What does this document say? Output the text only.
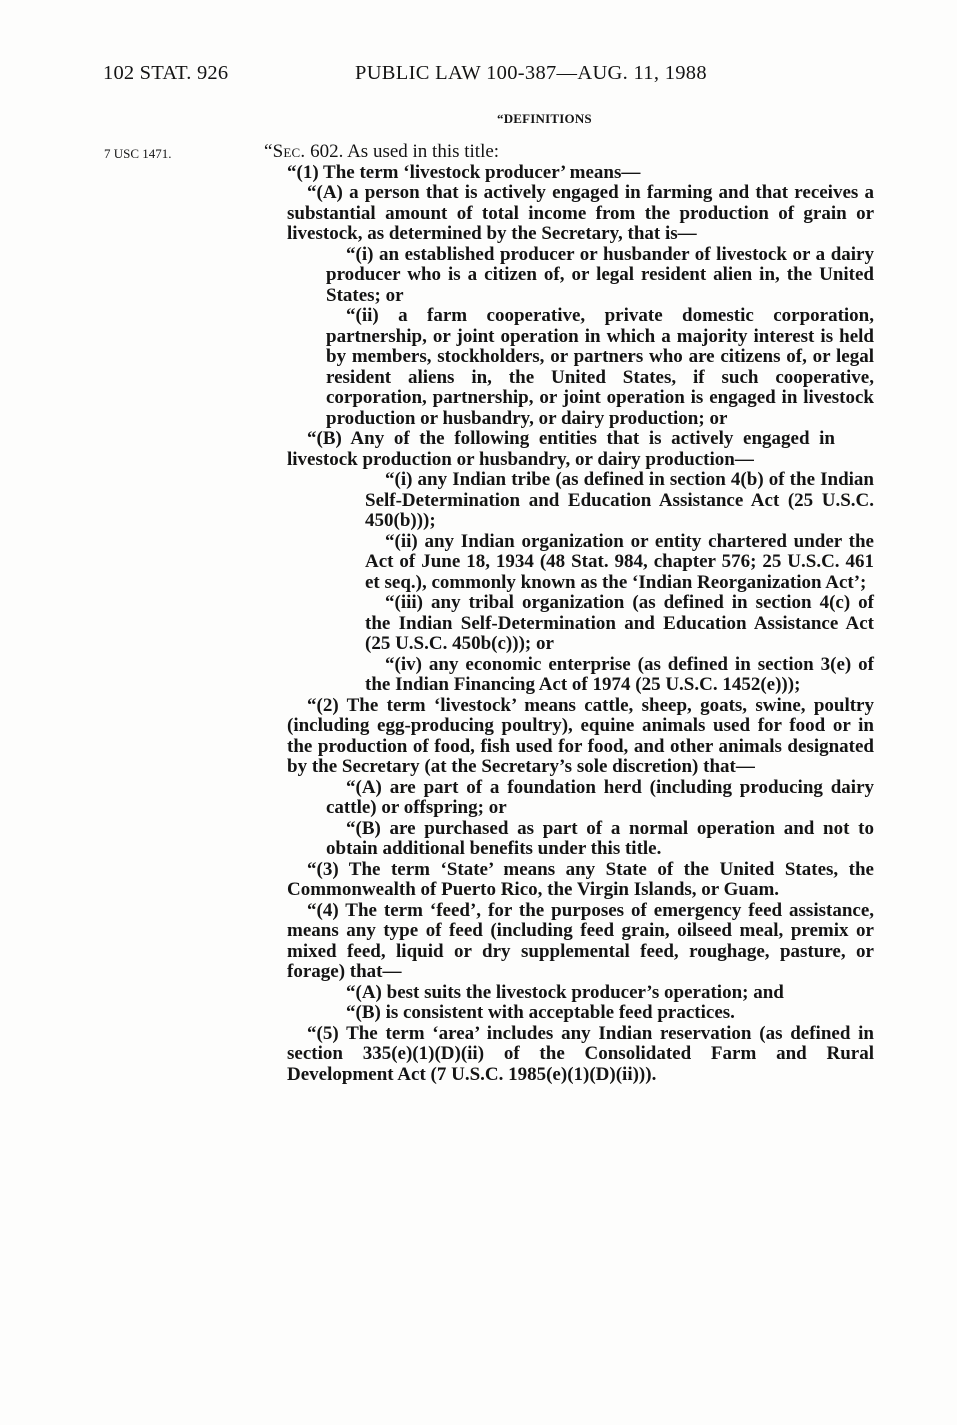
102 STAT. 926	PUBLIC LAW 100-387—AUG. 11, 1988
“DEFINITIONS
7 USC 1471.	“Sec. 602. As used in this title:

“(1) The term ‘livestock producer’ means—

“(A) a person that is actively engaged in farming and that receives a substantial amount of total income from the production of grain or livestock, as determined by the Secretary, that is—

“(i) an established producer or husbander of livestock or a dairy producer who is a citizen of, or legal resident alien in, the United States; or

“(ii) a farm cooperative, private domestic corporation, partnership, or joint operation in which a majority interest is held by members, stockholders, or partners who are citizens of, or legal resident aliens in, the United States, if such cooperative, corporation, partnership, or joint operation is engaged in livestock production or husbandry, or dairy production; or

“(B) Any of the following entities that is actively engaged in livestock production or husbandry, or dairy production—

“(i) any Indian tribe (as defined in section 4(b) of the Indian Self-Determination and Education Assistance Act (25 U.S.C. 450(b)));

“(ii) any Indian organization or entity chartered under the Act of June 18, 1934 (48 Stat. 984, chapter 576; 25 U.S.C. 461 et seq.), commonly known as the ‘Indian Reorganization Act’;

“(iii) any tribal organization (as defined in section 4(c) of the Indian Self-Determination and Education Assistance Act (25 U.S.C. 450b(c))); or

“(iv) any economic enterprise (as defined in section 3(e) of the Indian Financing Act of 1974 (25 U.S.C. 1452(e)));

“(2) The term ‘livestock’ means cattle, sheep, goats, swine, poultry (including egg-producing poultry), equine animals used for food or in the production of food, fish used for food, and other animals designated by the Secretary (at the Secretary’s sole discretion) that—

“(A) are part of a foundation herd (including producing dairy cattle) or offspring; or

“(B) are purchased as part of a normal operation and not to obtain additional benefits under this title.

“(3) The term ‘State’ means any State of the United States, the Commonwealth of Puerto Rico, the Virgin Islands, or Guam.

“(4) The term ‘feed’, for the purposes of emergency feed assistance, means any type of feed (including feed grain, oilseed meal, premix or mixed feed, liquid or dry supplemental feed, roughage, pasture, or forage) that—

“(A) best suits the livestock producer’s operation; and

“(B) is consistent with acceptable feed practices.

“(5) The term ‘area’ includes any Indian reservation (as defined in section 335(e)(1)(D)(ii) of the Consolidated Farm and Rural Development Act (7 U.S.C. 1985(e)(1)(D)(ii))).
